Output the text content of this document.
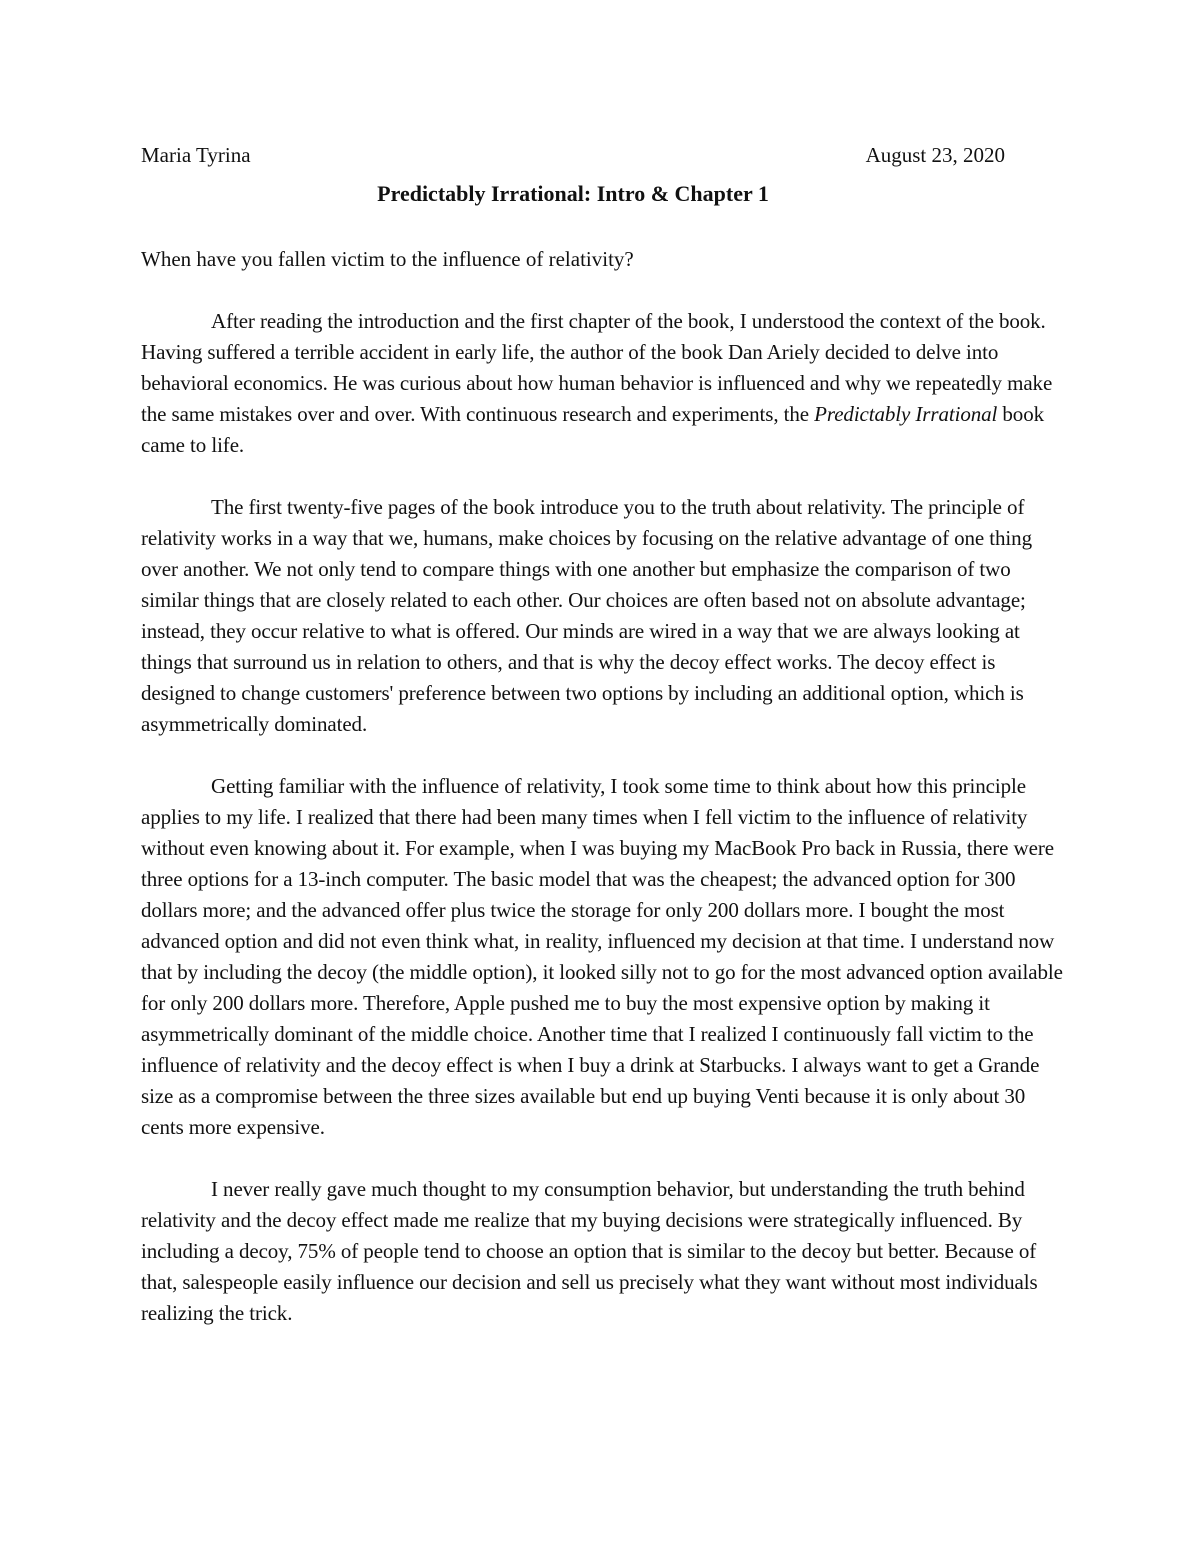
Maria Tyrina	August 23, 2020
Predictably Irrational: Intro & Chapter 1
When have you fallen victim to the influence of relativity?

After reading the introduction and the first chapter of the book, I understood the context of the book. Having suffered a terrible accident in early life, the author of the book Dan Ariely decided to delve into behavioral economics. He was curious about how human behavior is influenced and why we repeatedly make the same mistakes over and over. With continuous research and experiments, the Predictably Irrational book came to life.

The first twenty-five pages of the book introduce you to the truth about relativity. The principle of relativity works in a way that we, humans, make choices by focusing on the relative advantage of one thing over another. We not only tend to compare things with one another but emphasize the comparison of two similar things that are closely related to each other. Our choices are often based not on absolute advantage; instead, they occur relative to what is offered. Our minds are wired in a way that we are always looking at things that surround us in relation to others, and that is why the decoy effect works. The decoy effect is designed to change customers' preference between two options by including an additional option, which is asymmetrically dominated.

Getting familiar with the influence of relativity, I took some time to think about how this principle applies to my life. I realized that there had been many times when I fell victim to the influence of relativity without even knowing about it. For example, when I was buying my MacBook Pro back in Russia, there were three options for a 13-inch computer. The basic model that was the cheapest; the advanced option for 300 dollars more; and the advanced offer plus twice the storage for only 200 dollars more. I bought the most advanced option and did not even think what, in reality, influenced my decision at that time. I understand now that by including the decoy (the middle option), it looked silly not to go for the most advanced option available for only 200 dollars more. Therefore, Apple pushed me to buy the most expensive option by making it asymmetrically dominant of the middle choice. Another time that I realized I continuously fall victim to the influence of relativity and the decoy effect is when I buy a drink at Starbucks. I always want to get a Grande size as a compromise between the three sizes available but end up buying Venti because it is only about 30 cents more expensive.

I never really gave much thought to my consumption behavior, but understanding the truth behind relativity and the decoy effect made me realize that my buying decisions were strategically influenced. By including a decoy, 75% of people tend to choose an option that is similar to the decoy but better. Because of that, salespeople easily influence our decision and sell us precisely what they want without most individuals realizing the trick.
